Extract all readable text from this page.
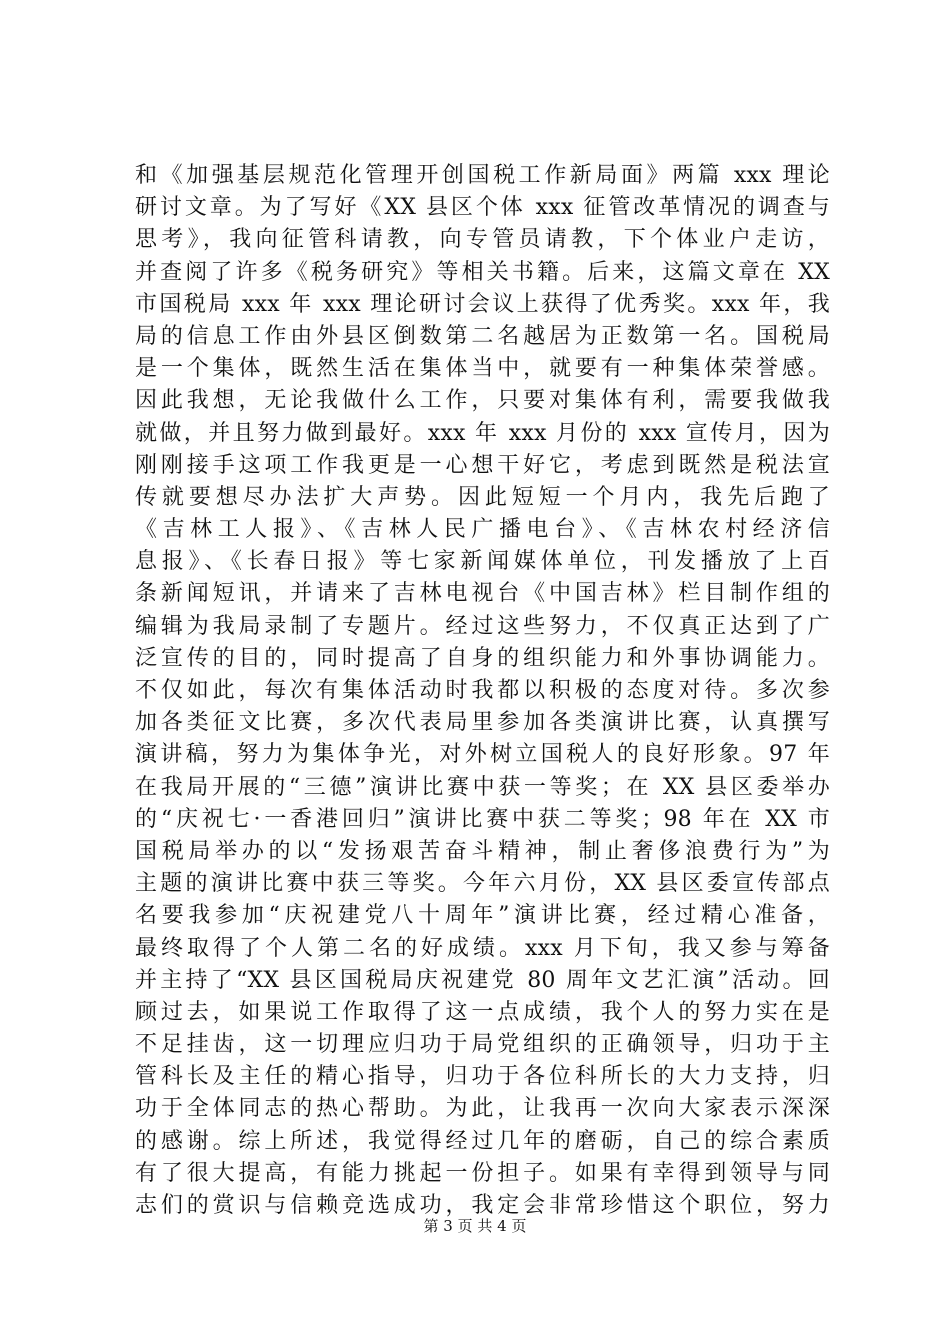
和《加强基层规范化管理开创国税工作新局面》两篇 xxx 理论
研讨文章。为了写好《XX 县区个体 xxx 征管改革情况的调查与
思考》，我向征管科请教，向专管员请教，下个体业户走访，
并查阅了许多《税务研究》等相关书籍。后来，这篇文章在 XX
市国税局 xxx 年 xxx 理论研讨会议上获得了优秀奖。xxx 年，我
局的信息工作由外县区倒数第二名越居为正数第一名。国税局
是一个集体，既然生活在集体当中，就要有一种集体荣誉感。
因此我想，无论我做什么工作，只要对集体有利，需要我做我
就做，并且努力做到最好。xxx 年 xxx 月份的 xxx 宣传月，因为
刚刚接手这项工作我更是一心想干好它，考虑到既然是税法宣
传就要想尽办法扩大声势。因此短短一个月内，我先后跑了
《吉林工人报》、《吉林人民广播电台》、《吉林农村经济信
息报》、《长春日报》等七家新闻媒体单位，刊发播放了上百
条新闻短讯，并请来了吉林电视台《中国吉林》栏目制作组的
编辑为我局录制了专题片。经过这些努力，不仅真正达到了广
泛宣传的目的，同时提高了自身的组织能力和外事协调能力。
不仅如此，每次有集体活动时我都以积极的态度对待。多次参
加各类征文比赛，多次代表局里参加各类演讲比赛，认真撰写
演讲稿，努力为集体争光，对外树立国税人的良好形象。97 年
在我局开展的“三德”演讲比赛中获一等奖；在 XX 县区委举办
的“庆祝七·一香港回归”演讲比赛中获二等奖；98 年在 XX 市
国税局举办的以“发扬艰苦奋斗精神，制止奢侈浪费行为”为
主题的演讲比赛中获三等奖。今年六月份，XX 县区委宣传部点
名要我参加“庆祝建党八十周年”演讲比赛，经过精心准备，
最终取得了个人第二名的好成绩。xxx 月下旬，我又参与筹备
并主持了“XX 县区国税局庆祝建党 80 周年文艺汇演”活动。回
顾过去，如果说工作取得了这一点成绩，我个人的努力实在是
不足挂齿，这一切理应归功于局党组织的正确领导，归功于主
管科长及主任的精心指导，归功于各位科所长的大力支持，归
功于全体同志的热心帮助。为此，让我再一次向大家表示深深
的感谢。综上所述，我觉得经过几年的磨砺，自己的综合素质
有了很大提高，有能力挑起一份担子。如果有幸得到领导与同
志们的赏识与信赖竞选成功，我定会非常珍惜这个职位，努力
第 3 页 共 4 页
